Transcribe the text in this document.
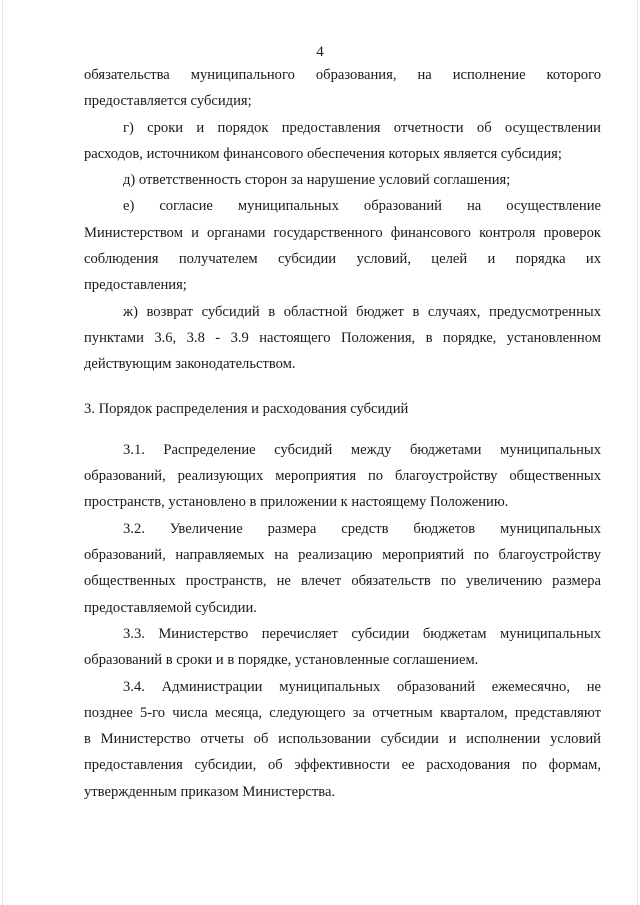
4

обязательства муниципального образования, на исполнение которого

предоставляется субсидия;

г) сроки и порядок предоставления отчетности об осуществлении

расходов, источником финансового обеспечения которых является субсидия;

д) ответственность сторон за нарушение условий соглашения;

е) согласие муниципальных образований на осуществление

Министерством и органами государственного финансового контроля проверок

соблюдения получателем субсидии условий, целей и порядка их

предоставления;

ж) возврат субсидий в областной бюджет в случаях, предусмотренных

пунктами 3.6, 3.8 - 3.9 настоящего Положения, в порядке, установленном

действующим законодательством.

3. Порядок распределения и расходования субсидий

3.1. Распределение субсидий между бюджетами муниципальных

образований, реализующих мероприятия по благоустройству общественных

пространств, установлено в приложении к настоящему Положению.

3.2. Увеличение размера средств бюджетов муниципальных

образований, направляемых на реализацию мероприятий по благоустройству

общественных пространств, не влечет обязательств по увеличению размера

предоставляемой субсидии.

3.3. Министерство перечисляет субсидии бюджетам муниципальных

образований в сроки и в порядке, установленные соглашением.

3.4. Администрации муниципальных образований ежемесячно, не

позднее 5-го числа месяца, следующего за отчетным кварталом, представляют

в Министерство отчеты об использовании субсидии и исполнении условий

предоставления субсидии, об эффективности ее расходования по формам,

утвержденным приказом Министерства.
